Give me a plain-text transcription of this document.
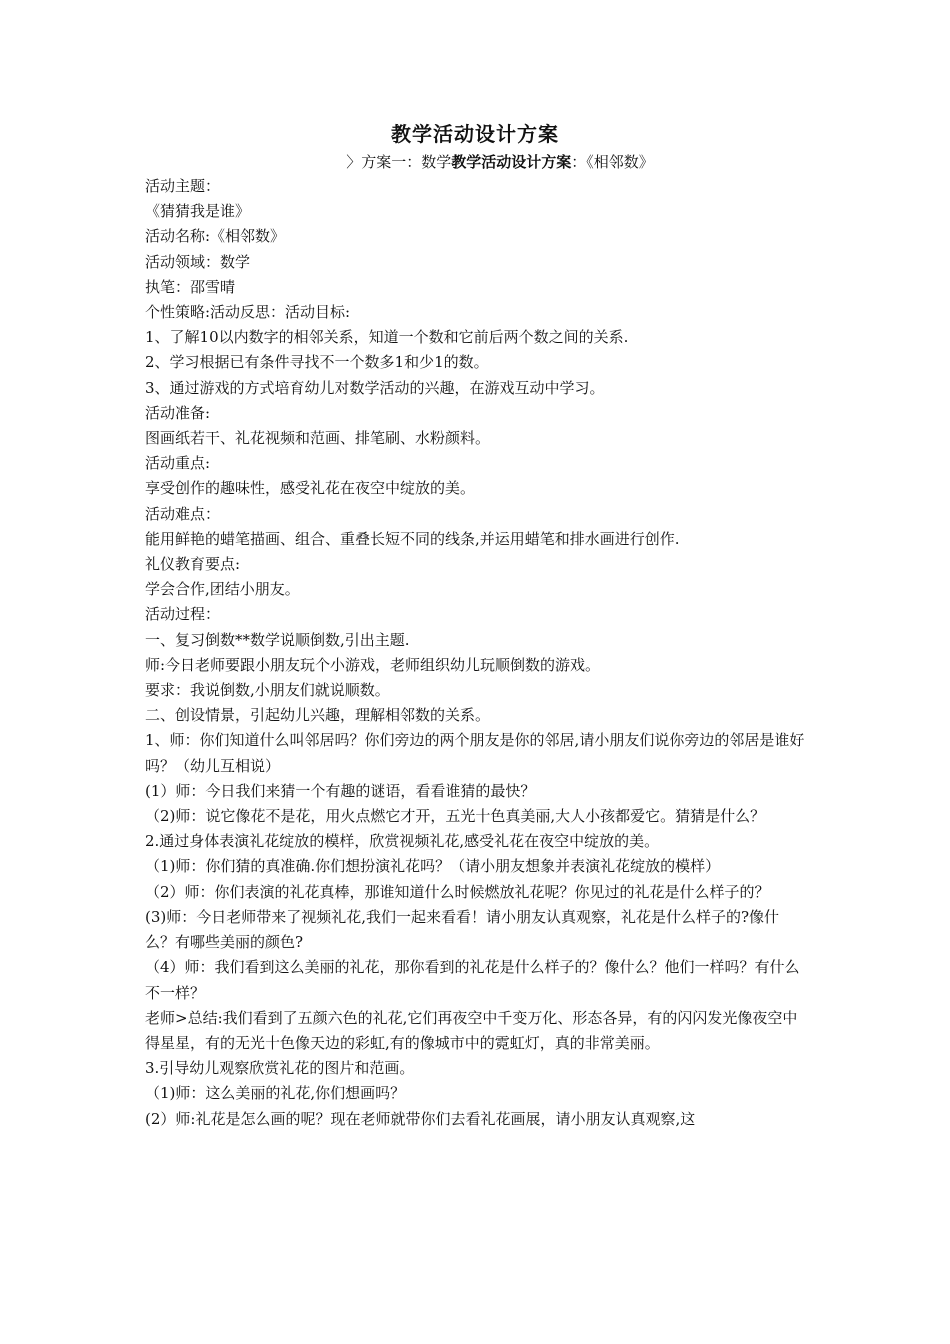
教学活动设计方案
〉方案一：数学教学活动设计方案：《相邻数》

活动主题：

《猜猜我是谁》

活动名称:《相邻数》

活动领域：数学

执笔：邵雪晴

个性策略:活动反思：活动目标:

1、了解10以内数字的相邻关系，知道一个数和它前后两个数之间的关系.

2、学习根据已有条件寻找不一个数多1和少1的数。

3、通过游戏的方式培育幼儿对数学活动的兴趣，在游戏互动中学习。

活动准备:

图画纸若干、礼花视频和范画、排笔刷、水粉颜料。

活动重点:

享受创作的趣味性，感受礼花在夜空中绽放的美。

活动难点：

能用鲜艳的蜡笔描画、组合、重叠长短不同的线条,并运用蜡笔和排水画进行创作.

礼仪教育要点:

学会合作,团结小朋友。

活动过程：

一、复习倒数**数学说顺倒数,引出主题.

师:今日老师要跟小朋友玩个小游戏，老师组织幼儿玩顺倒数的游戏。

要求：我说倒数,小朋友们就说顺数。

二、创设情景，引起幼儿兴趣，理解相邻数的关系。

1、师：你们知道什么叫邻居吗？你们旁边的两个朋友是你的邻居,请小朋友们说你旁边的邻居是谁好吗？（幼儿互相说）

(1）师：今日我们来猜一个有趣的谜语，看看谁猜的最快？

（2)师：说它像花不是花，用火点燃它才开，五光十色真美丽,大人小孩都爱它。猜猜是什么？

2.通过身体表演礼花绽放的模样，欣赏视频礼花,感受礼花在夜空中绽放的美。

（1)师：你们猜的真准确.你们想扮演礼花吗？（请小朋友想象并表演礼花绽放的模样）

（2）师：你们表演的礼花真棒，那谁知道什么时候燃放礼花呢？你见过的礼花是什么样子的？

(3)师：今日老师带来了视频礼花,我们一起来看看！请小朋友认真观察，礼花是什么样子的?像什么？有哪些美丽的颜色?

（4）师：我们看到这么美丽的礼花，那你看到的礼花是什么样子的？像什么？他们一样吗？有什么不一样？

老师>总结:我们看到了五颜六色的礼花,它们再夜空中千变万化、形态各异，有的闪闪发光像夜空中得星星，有的无光十色像天边的彩虹,有的像城市中的霓虹灯，真的非常美丽。

3.引导幼儿观察欣赏礼花的图片和范画。

（1)师：这么美丽的礼花,你们想画吗？

(2）师:礼花是怎么画的呢？现在老师就带你们去看礼花画展，请小朋友认真观察,这
